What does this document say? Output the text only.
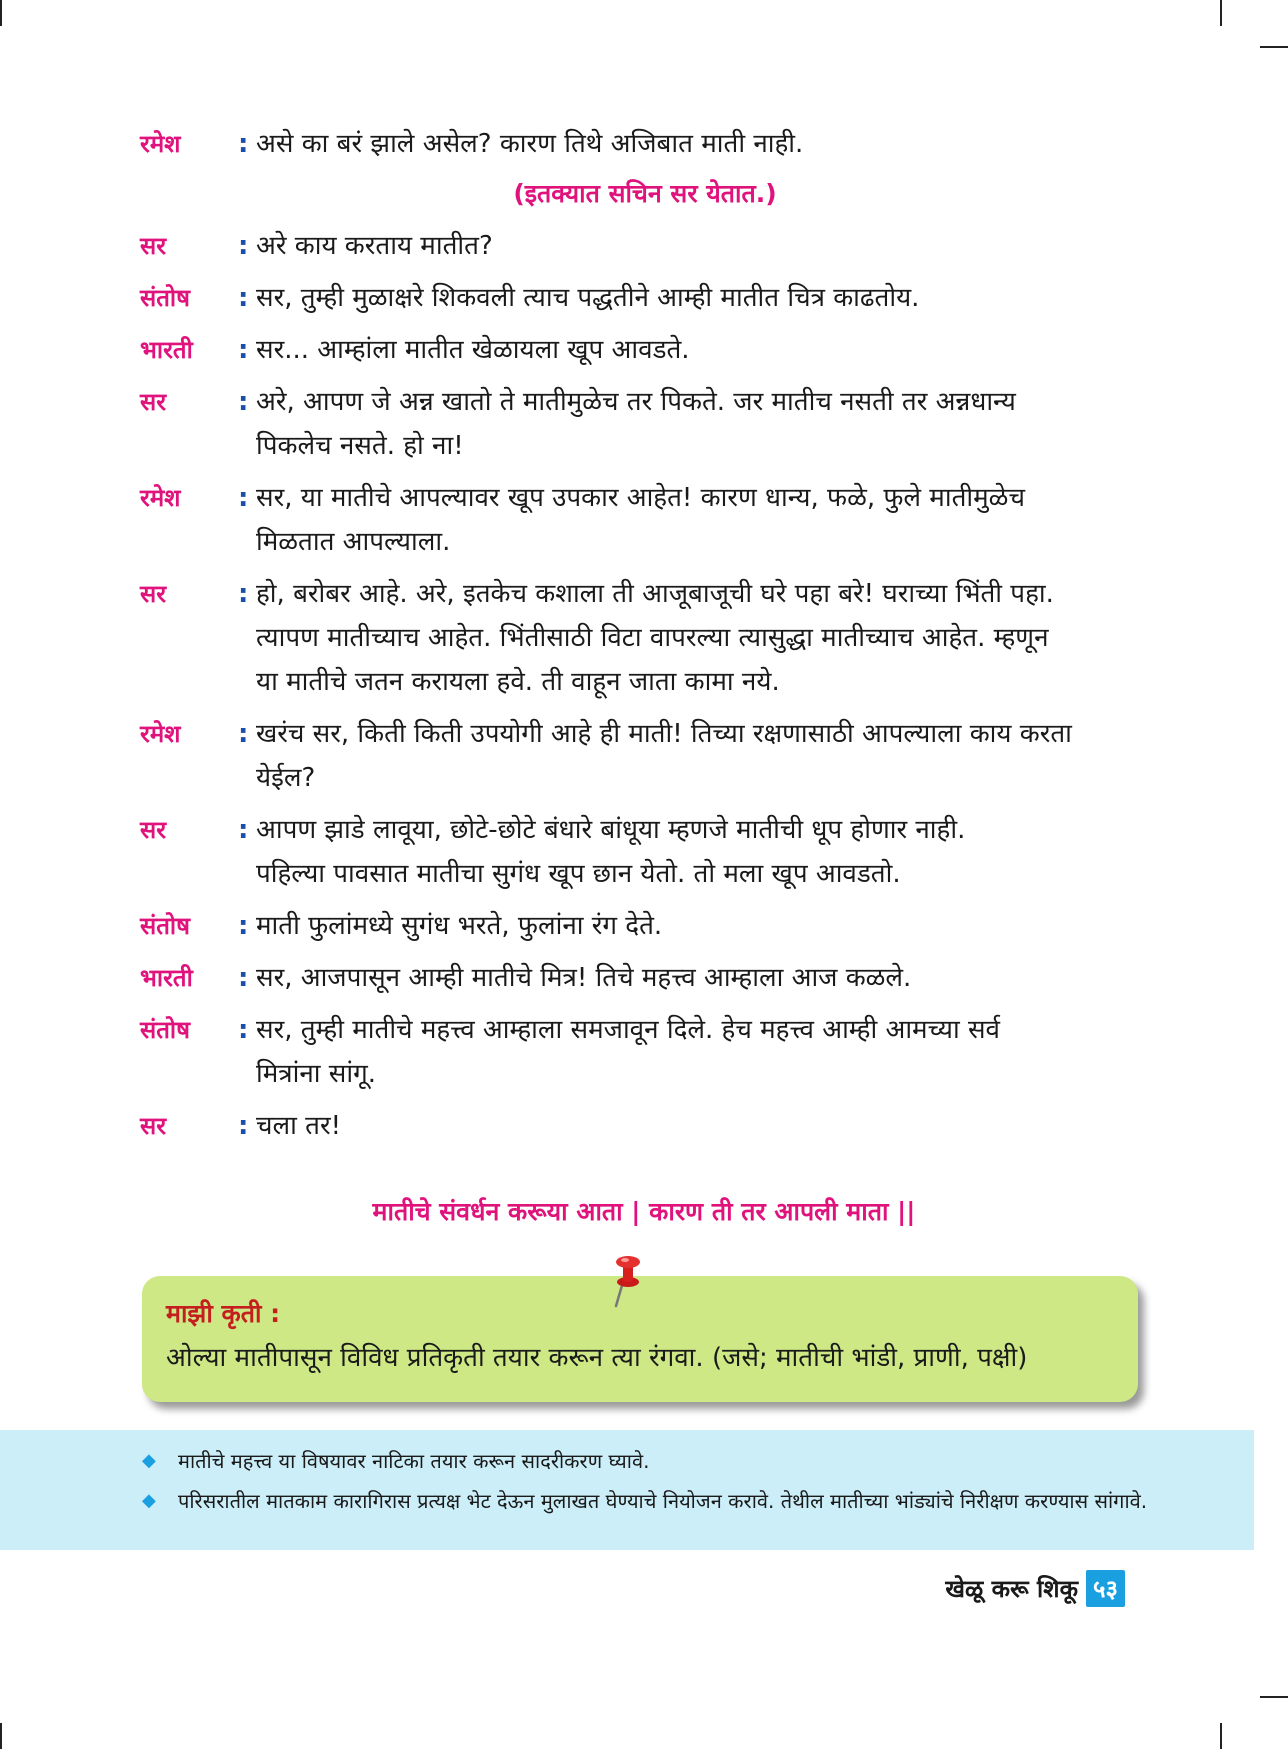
रमेश	: असे का बरं झाले असेल? कारण तिथे अजिबात माती नाही.

(इतक्यात सचिन सर येतात.)
सर	: अरे काय करताय मातीत?

संतोष	: सर, तुम्ही मुळाक्षरे शिकवली त्याच पद्धतीने आम्ही मातीत चित्र काढतोय.

भारती	: सर... आम्हांला मातीत खेळायला खूप आवडते.

सर	: अरे, आपण जे अन्न खातो ते मातीमुळेच तर पिकते. जर मातीच नसती तर अन्नधान्य

पिकलेच नसते. हो ना!

रमेश	: सर, या मातीचे आपल्यावर खूप उपकार आहेत! कारण धान्य, फळे, फुले मातीमुळेच

मिळतात आपल्याला.

सर	: हो, बरोबर आहे. अरे, इतकेच कशाला ती आजूबाजूची घरे पहा बरे! घराच्या भिंती पहा.

त्यापण मातीच्याच आहेत. भिंतीसाठी विटा वापरल्या त्यासुद्धा मातीच्याच आहेत. म्हणून

या मातीचे जतन करायला हवे. ती वाहून जाता कामा नये.

रमेश	: खरंच सर, किती किती उपयोगी आहे ही माती! तिच्या रक्षणासाठी आपल्याला काय करता

येईल?

सर	: आपण झाडे लावूया, छोटे-छोटे बंधारे बांधूया म्हणजे मातीची धूप होणार नाही.

पहिल्या पावसात मातीचा सुगंध खूप छान येतो. तो मला खूप आवडतो.

संतोष	: माती फुलांमध्ये सुगंध भरते, फुलांना रंग देते.

भारती	: सर, आजपासून आम्ही मातीचे मित्र! तिचे महत्त्व आम्हाला आज कळले.

संतोष	: सर, तुम्ही मातीचे महत्त्व आम्हाला समजावून दिले. हेच महत्त्व आम्ही आमच्या सर्व

मित्रांना सांगू.

सर	: चला तर!

मातीचे संवर्धन करूया आता | कारण ती तर आपली माता ||
माझी कृती :
ओल्या मातीपासून विविध प्रतिकृती तयार करून त्या रंगवा. (जसे; मातीची भांडी, प्राणी, पक्षी)
◆ मातीचे महत्त्व या विषयावर नाटिका तयार करून सादरीकरण घ्यावे.
◆ परिसरातील मातकाम कारागिरास प्रत्यक्ष भेट देऊन मुलाखत घेण्याचे नियोजन करावे. तेथील मातीच्या भांड्यांचे निरीक्षण करण्यास सांगावे.
खेळू करू शिकू ५३
